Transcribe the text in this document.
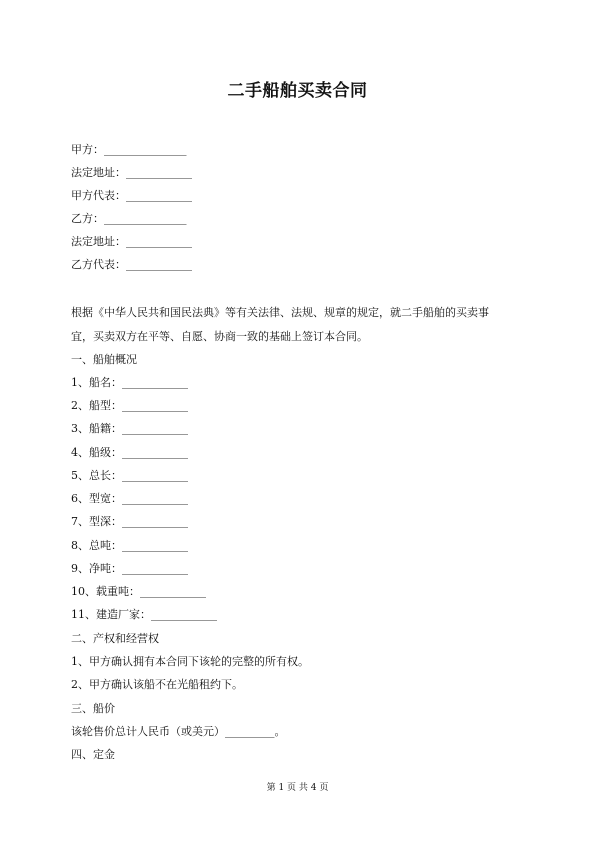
二手船舶买卖合同
甲方：_______________
法定地址：____________
甲方代表：____________
乙方：_______________
法定地址：____________
乙方代表：____________
根据《中华人民共和国民法典》等有关法律、法规、规章的规定，就二手船舶的买卖事
宜，买卖双方在平等、自愿、协商一致的基础上签订本合同。
一、船舶概况
1、船名：____________
2、船型：____________
3、船籍：____________
4、船级：____________
5、总长：____________
6、型宽：____________
7、型深：____________
8、总吨：____________
9、净吨：____________
10、载重吨：____________
11、建造厂家：____________
二、产权和经营权
1、甲方确认拥有本合同下该轮的完整的所有权。
2、甲方确认该船不在光船租约下。
三、船价
该轮售价总计人民币（或美元）_________。
四、定金
第 1 页 共 4 页
